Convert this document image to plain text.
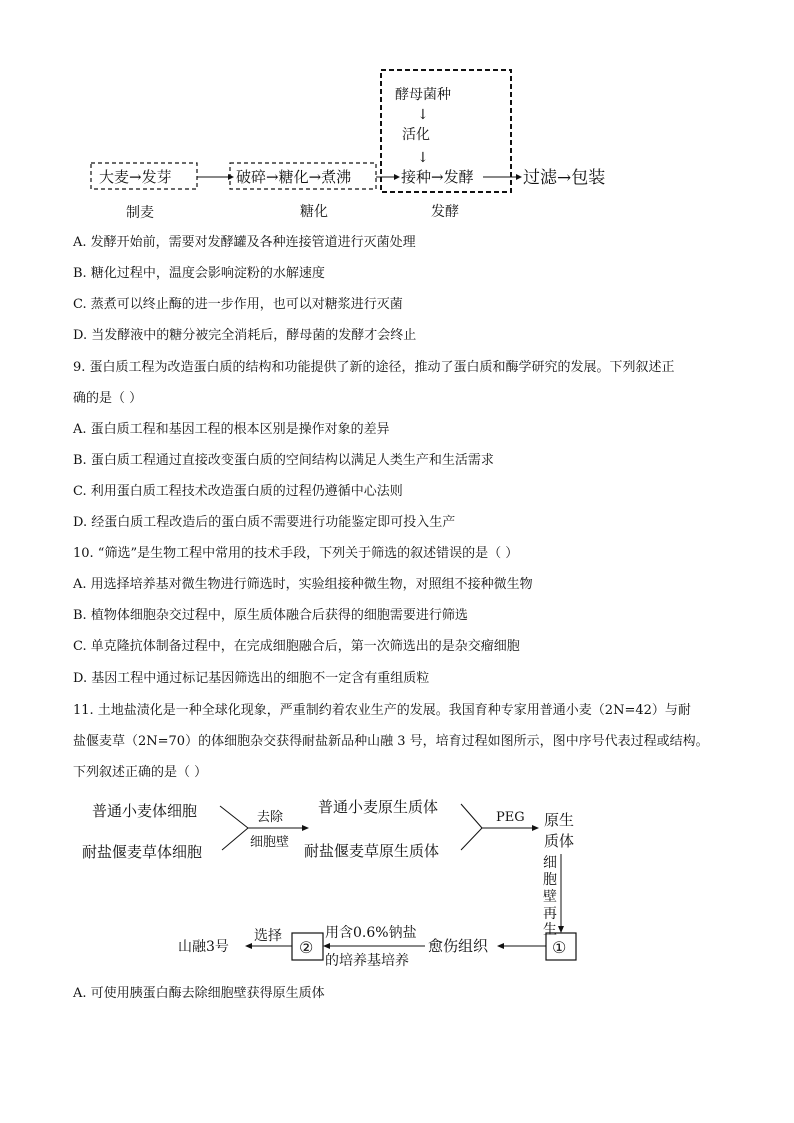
酵母菌种
↓
活化
↓
大麦→发芽	破碎→糖化→煮沸	接种→发酵	过滤→包装
制麦	糖化	发酵
A. 发酵开始前，需要对发酵罐及各种连接管道进行灭菌处理
B. 糖化过程中，温度会影响淀粉的水解速度
C. 蒸煮可以终止酶的进一步作用，也可以对糖浆进行灭菌
D. 当发酵液中的糖分被完全消耗后，酵母菌的发酵才会终止
9. 蛋白质工程为改造蛋白质的结构和功能提供了新的途径，推动了蛋白质和酶学研究的发展。下列叙述正
确的是（ ）
A. 蛋白质工程和基因工程的根本区别是操作对象的差异
B. 蛋白质工程通过直接改变蛋白质的空间结构以满足人类生产和生活需求
C. 利用蛋白质工程技术改造蛋白质的过程仍遵循中心法则
D. 经蛋白质工程改造后的蛋白质不需要进行功能鉴定即可投入生产
10. “筛选”是生物工程中常用的技术手段，下列关于筛选的叙述错误的是（ ）
A. 用选择培养基对微生物进行筛选时，实验组接种微生物，对照组不接种微生物
B. 植物体细胞杂交过程中，原生质体融合后获得的细胞需要进行筛选
C. 单克隆抗体制备过程中，在完成细胞融合后，第一次筛选出的是杂交瘤细胞
D. 基因工程中通过标记基因筛选出的细胞不一定含有重组质粒
11. 土地盐渍化是一种全球化现象，严重制约着农业生产的发展。我国育种专家用普通小麦（2N=42）与耐
盐偃麦草（2N=70）的体细胞杂交获得耐盐新品种山融 3 号，培育过程如图所示，图中序号代表过程或结构。
下列叙述正确的是（ ）
普通小麦体细胞
耐盐偃麦草体细胞
去除
细胞壁
普通小麦原生质体
耐盐偃麦草原生质体
PEG 原生
质体
细
胞
壁
再
生
①
愈伤组织
用含0.6%钠盐
的培养基培养
②
选择
山融3号
A. 可使用胰蛋白酶去除细胞壁获得原生质体
